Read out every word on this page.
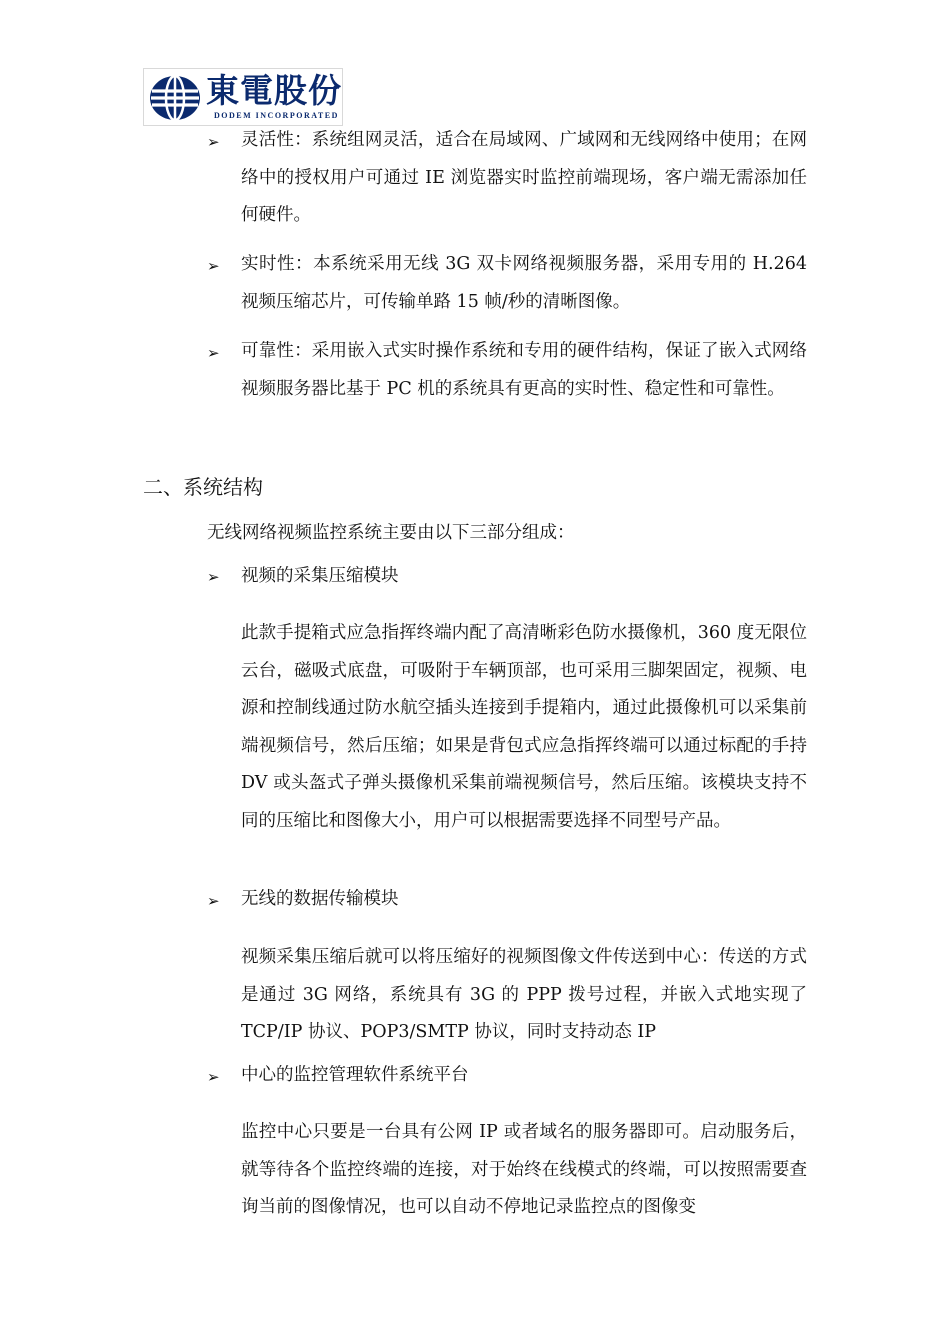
東電股份
DODEM INCORPORATED
➢ 灵活性：系统组网灵活，适合在局域网、广域网和无线网络中使用；在网络中的授权用户可通过 IE 浏览器实时监控前端现场，客户端无需添加任何硬件。
➢ 实时性：本系统采用无线 3G 双卡网络视频服务器，采用专用的 H.264 视频压缩芯片，可传输单路 15 帧/秒的清晰图像。
➢ 可靠性：采用嵌入式实时操作系统和专用的硬件结构，保证了嵌入式网络视频服务器比基于 PC 机的系统具有更高的实时性、稳定性和可靠性。
二、系统结构
无线网络视频监控系统主要由以下三部分组成：
➢ 视频的采集压缩模块
此款手提箱式应急指挥终端内配了高清晰彩色防水摄像机，360 度无限位云台，磁吸式底盘，可吸附于车辆顶部，也可采用三脚架固定，视频、电源和控制线通过防水航空插头连接到手提箱内，通过此摄像机可以采集前端视频信号，然后压缩；如果是背包式应急指挥终端可以通过标配的手持 DV 或头盔式子弹头摄像机采集前端视频信号，然后压缩。该模块支持不同的压缩比和图像大小，用户可以根据需要选择不同型号产品。
➢ 无线的数据传输模块
视频采集压缩后就可以将压缩好的视频图像文件传送到中心：传送的方式是通过 3G 网络，系统具有 3G 的 PPP 拨号过程，并嵌入式地实现了 TCP/IP 协议、POP3/SMTP 协议，同时支持动态 IP
➢ 中心的监控管理软件系统平台
监控中心只要是一台具有公网 IP 或者域名的服务器即可。启动服务后，就等待各个监控终端的连接，对于始终在线模式的终端，可以按照需要查询当前的图像情况，也可以自动不停地记录监控点的图像变
